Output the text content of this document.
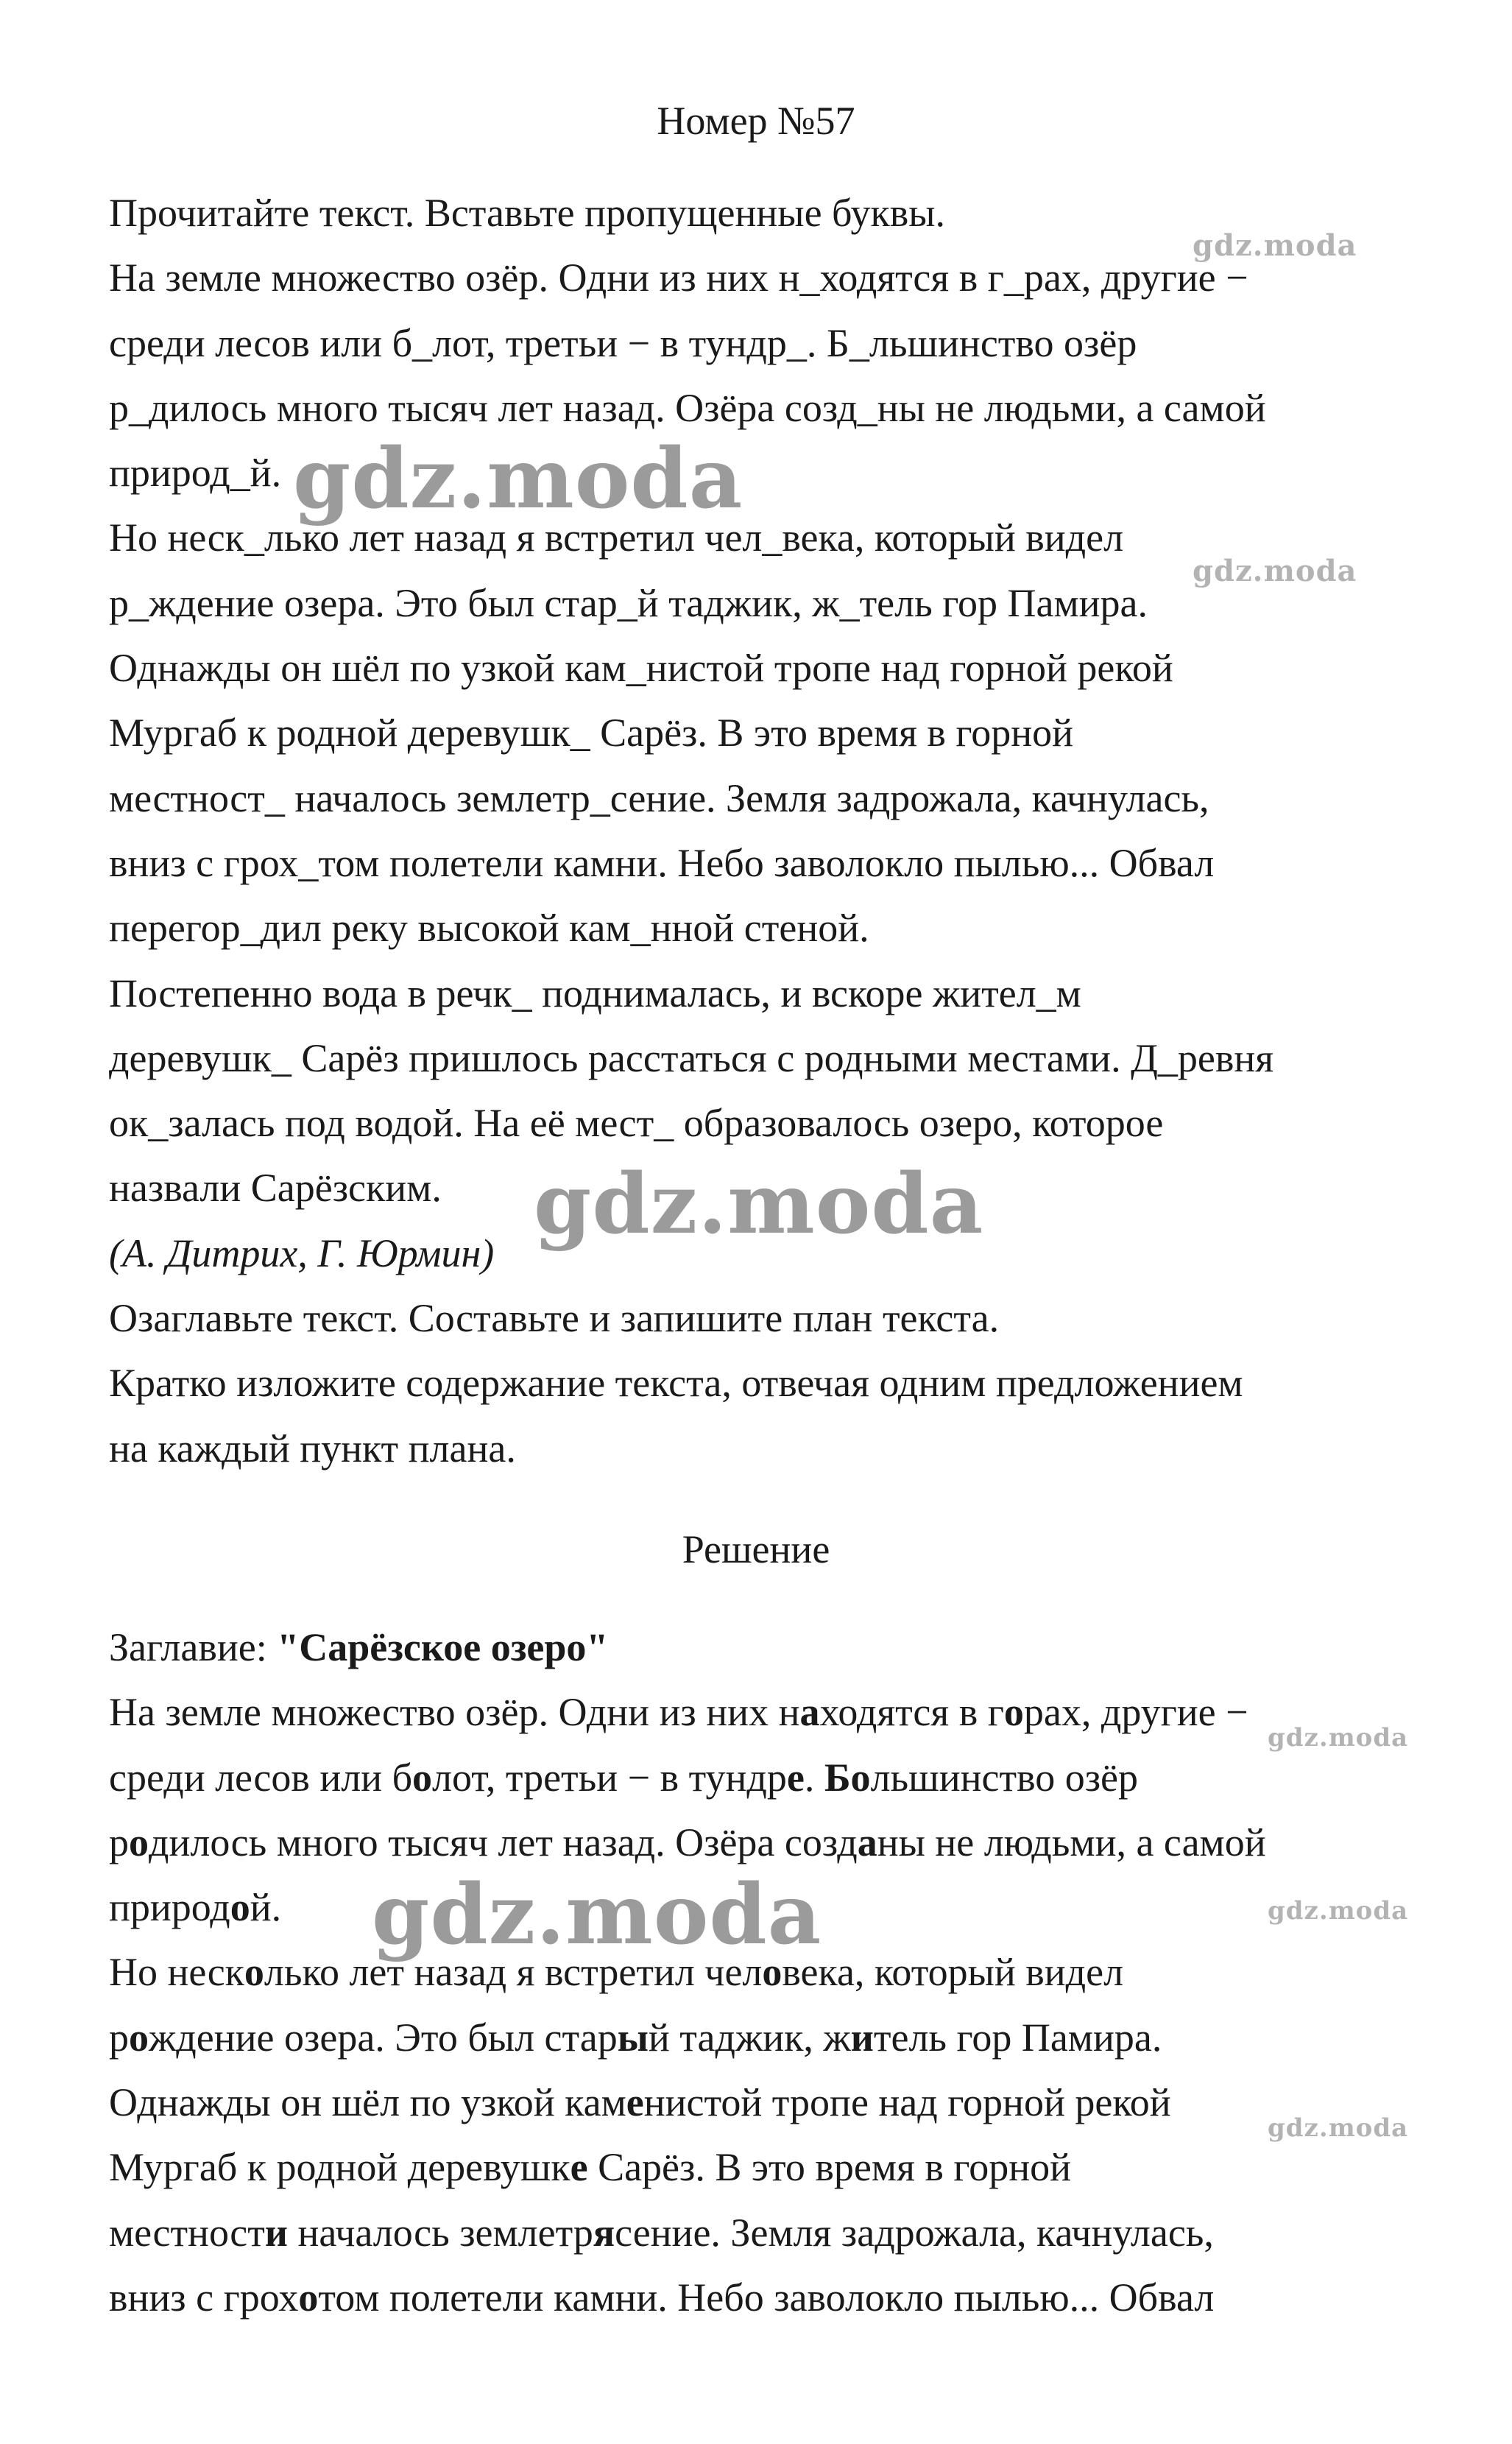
Номер №57
Прочитайте текст. Вставьте пропущенные буквы.
На земле множество озёр. Одни из них н_ходятся в г_рах, другие −
среди лесов или б_лот, третьи − в тундр_. Б_льшинство озёр
р_дилось много тысяч лет назад. Озёра созд_ны не людьми, а самой
природ_й.
Но неск_лько лет назад я встретил чел_века, который видел
р_ждение озера. Это был стар_й таджик, ж_тель гор Памира.
Однажды он шёл по узкой кам_нистой тропе над горной рекой
Мургаб к родной деревушк_ Сарёз. В это время в горной
местност_ началось землетр_сение. Земля задрожала, качнулась,
вниз с грох_том полетели камни. Небо заволокло пылью... Обвал
перегор_дил реку высокой кам_нной стеной.
Постепенно вода в речк_ поднималась, и вскоре жител_м
деревушк_ Сарёз пришлось расстаться с родными местами. Д_ревня
ок_залась под водой. На её мест_ образовалось озеро, которое
назвали Сарёзским.
(А. Дитрих, Г. Юрмин)
Озаглавьте текст. Составьте и запишите план текста.
Кратко изложите содержание текста, отвечая одним предложением
на каждый пункт плана.
Решение
Заглавие: "Сарёзское озеро"
На земле множество озёр. Одни из них находятся в горах, другие −
среди лесов или болот, третьи − в тундре. Большинство озёр
родилось много тысяч лет назад. Озёра созданы не людьми, а самой
природой.
Но несколько лет назад я встретил человека, который видел
рождение озера. Это был старый таджик, житель гор Памира.
Однажды он шёл по узкой каменистой тропе над горной рекой
Мургаб к родной деревушке Сарёз. В это время в горной
местности началось землетрясение. Земля задрожала, качнулась,
вниз с грохотом полетели камни. Небо заволокло пылью... Обвал
gdz.moda
gdz.moda
gdz.moda
gdz.moda
gdz.moda
gdz.moda	gdz.moda
gdz.moda
